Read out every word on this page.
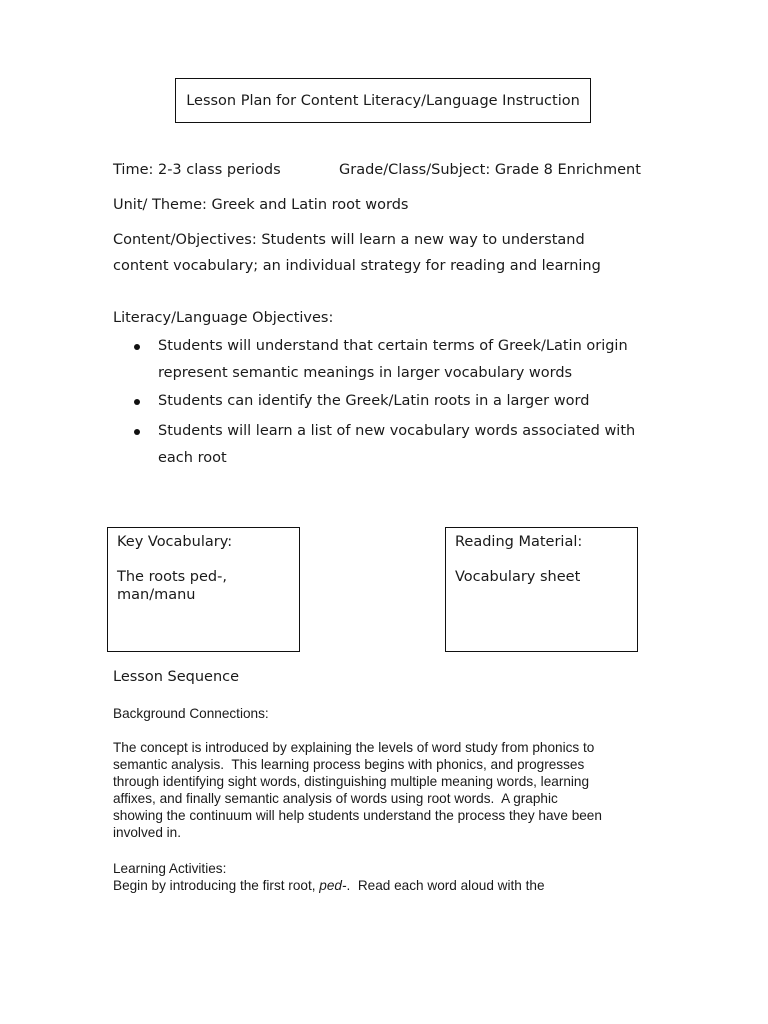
Lesson Plan for Content Literacy/Language Instruction
Time: 2-3 class periods	Grade/Class/Subject: Grade 8 Enrichment
Unit/ Theme: Greek and Latin root words
Content/Objectives: Students will learn a new way to understand
content vocabulary; an individual strategy for reading and learning
Literacy/Language Objectives:
Students will understand that certain terms of Greek/Latin origin
represent semantic meanings in larger vocabulary words
Students can identify the Greek/Latin roots in a larger word
Students will learn a list of new vocabulary words associated with
each root
Key Vocabulary:
The roots ped-,
man/manu
Reading Material:
Vocabulary sheet
Lesson Sequence
Background Connections:
The concept is introduced by explaining the levels of word study from phonics to
semantic analysis.  This learning process begins with phonics, and progresses
through identifying sight words, distinguishing multiple meaning words, learning
affixes, and finally semantic analysis of words using root words.  A graphic
showing the continuum will help students understand the process they have been
involved in.
Learning Activities:
Begin by introducing the first root, ped-.  Read each word aloud with the
